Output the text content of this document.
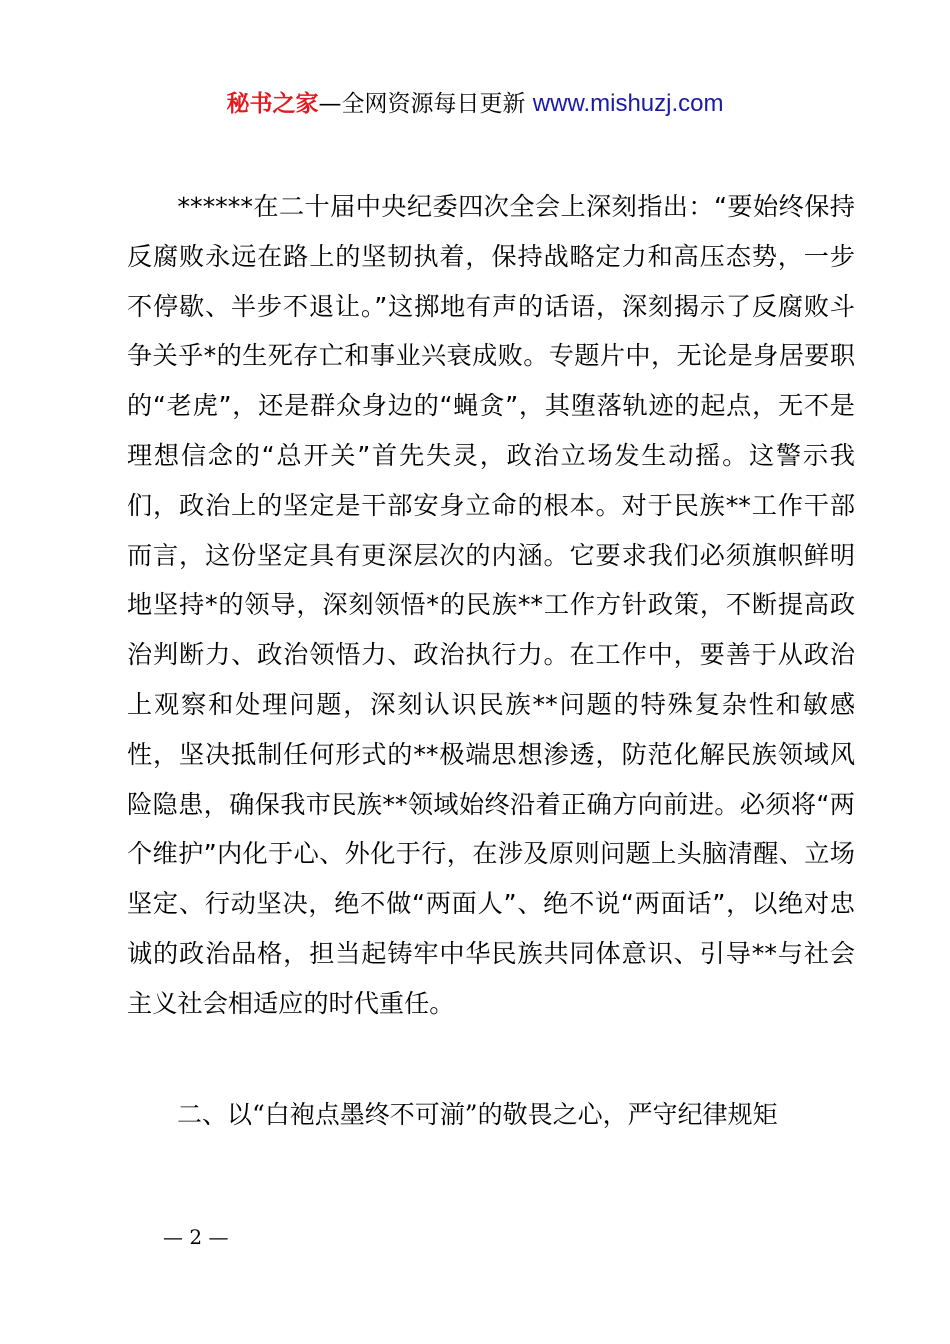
秘书之家—全网资源每日更新 www.mishuzj.com

******在二十届中央纪委四次全会上深刻指出：“要始终保持反腐败永远在路上的坚韧执着，保持战略定力和高压态势，一步不停歇、半步不退让。”这掷地有声的话语，深刻揭示了反腐败斗争关乎*的生死存亡和事业兴衰成败。专题片中，无论是身居要职的“老虎”，还是群众身边的“蝇贪”，其堕落轨迹的起点，无不是理想信念的“总开关”首先失灵，政治立场发生动摇。这警示我们，政治上的坚定是干部安身立命的根本。对于民族**工作干部而言，这份坚定具有更深层次的内涵。它要求我们必须旗帜鲜明地坚持*的领导，深刻领悟*的民族**工作方针政策，不断提高政治判断力、政治领悟力、政治执行力。在工作中，要善于从政治上观察和处理问题，深刻认识民族**问题的特殊复杂性和敏感性，坚决抵制任何形式的**极端思想渗透，防范化解民族领域风险隐患，确保我市民族**领域始终沿着正确方向前进。必须将“两个维护”内化于心、外化于行，在涉及原则问题上头脑清醒、立场坚定、行动坚决，绝不做“两面人”、绝不说“两面话”，以绝对忠诚的政治品格，担当起铸牢中华民族共同体意识、引导**与社会主义社会相适应的时代重任。

二、以“白袍点墨终不可湔”的敬畏之心，严守纪律规矩
— 2 —
